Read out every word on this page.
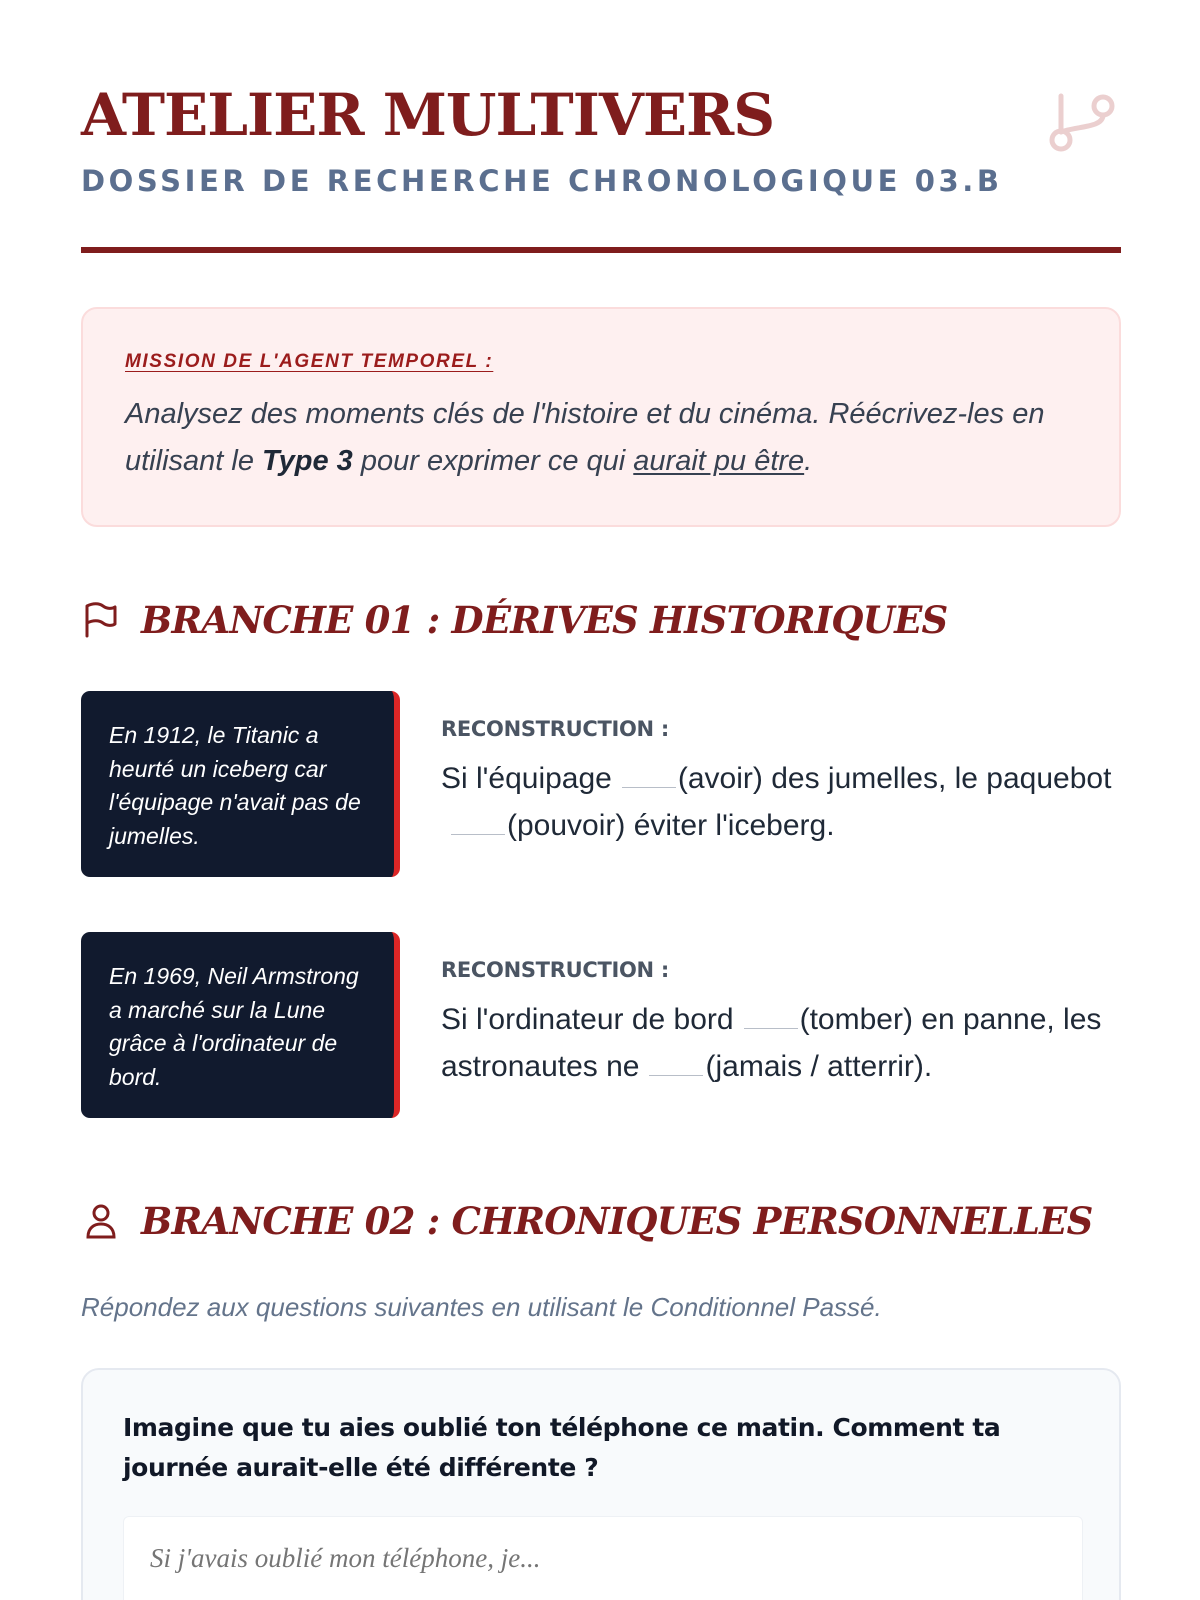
ATELIER MULTIVERS
DOSSIER DE RECHERCHE CHRONOLOGIQUE 03.B
MISSION DE L'AGENT TEMPOREL :
Analysez des moments clés de l'histoire et du cinéma. Réécrivez-les en utilisant le Type 3 pour exprimer ce qui aurait pu être.
BRANCHE 01 : DÉRIVES HISTORIQUES
En 1912, le Titanic a heurté un iceberg car l'équipage n'avait pas de jumelles.
RECONSTRUCTION :
Si l'équipage (avoir) des jumelles, le paquebot(pouvoir) éviter l'iceberg.
En 1969, Neil Armstrong a marché sur la Lune grâce à l'ordinateur de bord.
RECONSTRUCTION :
Si l'ordinateur de bord (tomber) en panne, les astronautes ne (jamais / atterrir).
BRANCHE 02 : CHRONIQUES PERSONNELLES
Répondez aux questions suivantes en utilisant le Conditionnel Passé.
Imagine que tu aies oublié ton téléphone ce matin. Comment ta journée aurait-elle été différente ?
Si j'avais oublié mon téléphone, je...
